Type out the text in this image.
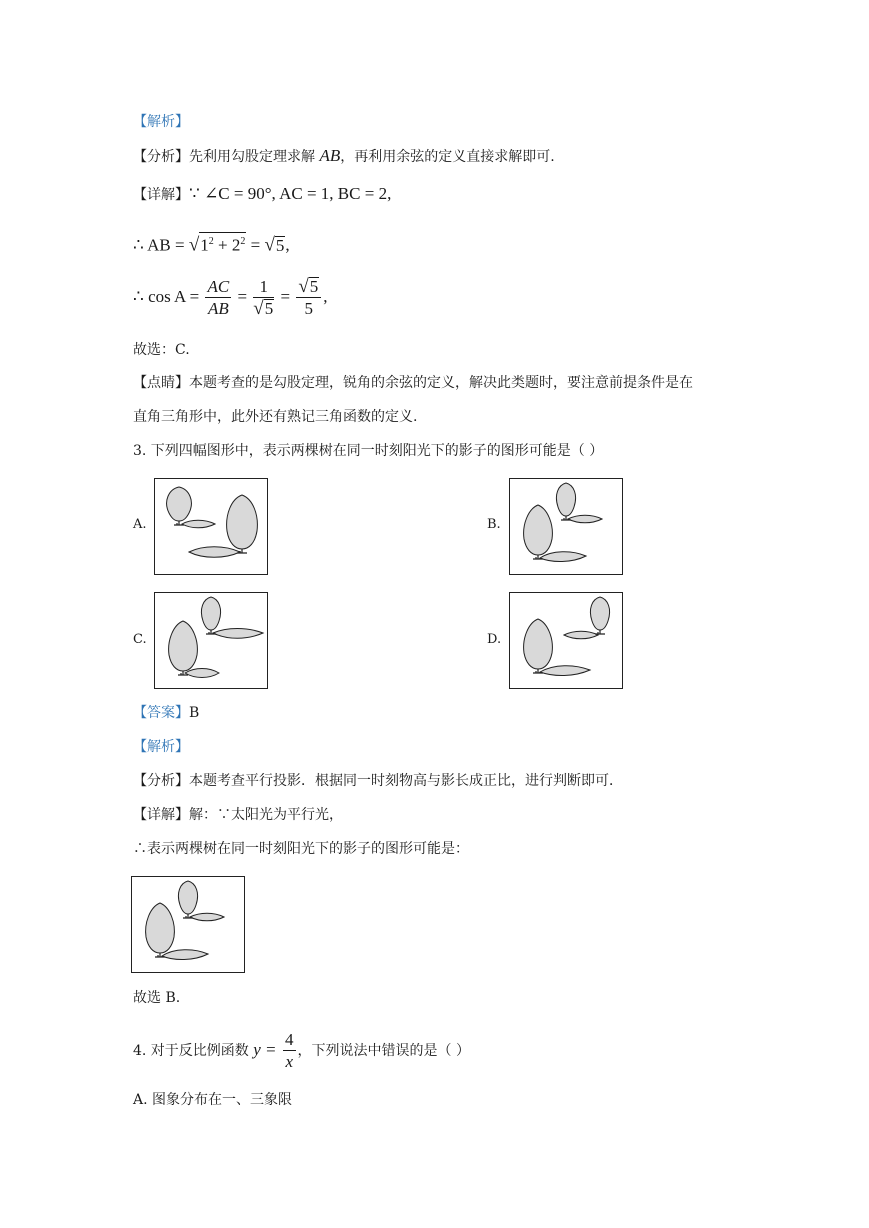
【解析】
【分析】先利用勾股定理求解 AB，再利用余弦的定义直接求解即可.
【详解】∵ ∠C = 90°, AC = 1, BC = 2,
∴ AB = $√1^2 + 2^2 = √5$,
∴ $\cos A = \frac{AC}{AB} = \frac{1}{√5} = \frac{√5}{5}$ ,
故选：C.
【点睛】本题考查的是勾股定理，锐角的余弦的定义，解决此类题时，要注意前提条件是在
直角三角形中，此外还有熟记三角函数的定义.
3. 下列四幅图形中，表示两棵树在同一时刻阳光下的影子的图形可能是（ ）
A.	B.
C.	D.
【答案】B
【解析】
【分析】本题考查平行投影．根据同一时刻物高与影长成正比，进行判断即可．
【详解】解：∵太阳光为平行光，
∴表示两棵树在同一时刻阳光下的影子的图形可能是：
故选 B.
4. 对于反比例函数 $y = \frac{4}{x}$ ，下列说法中错误的是（ ）
A. 图象分布在一、三象限
